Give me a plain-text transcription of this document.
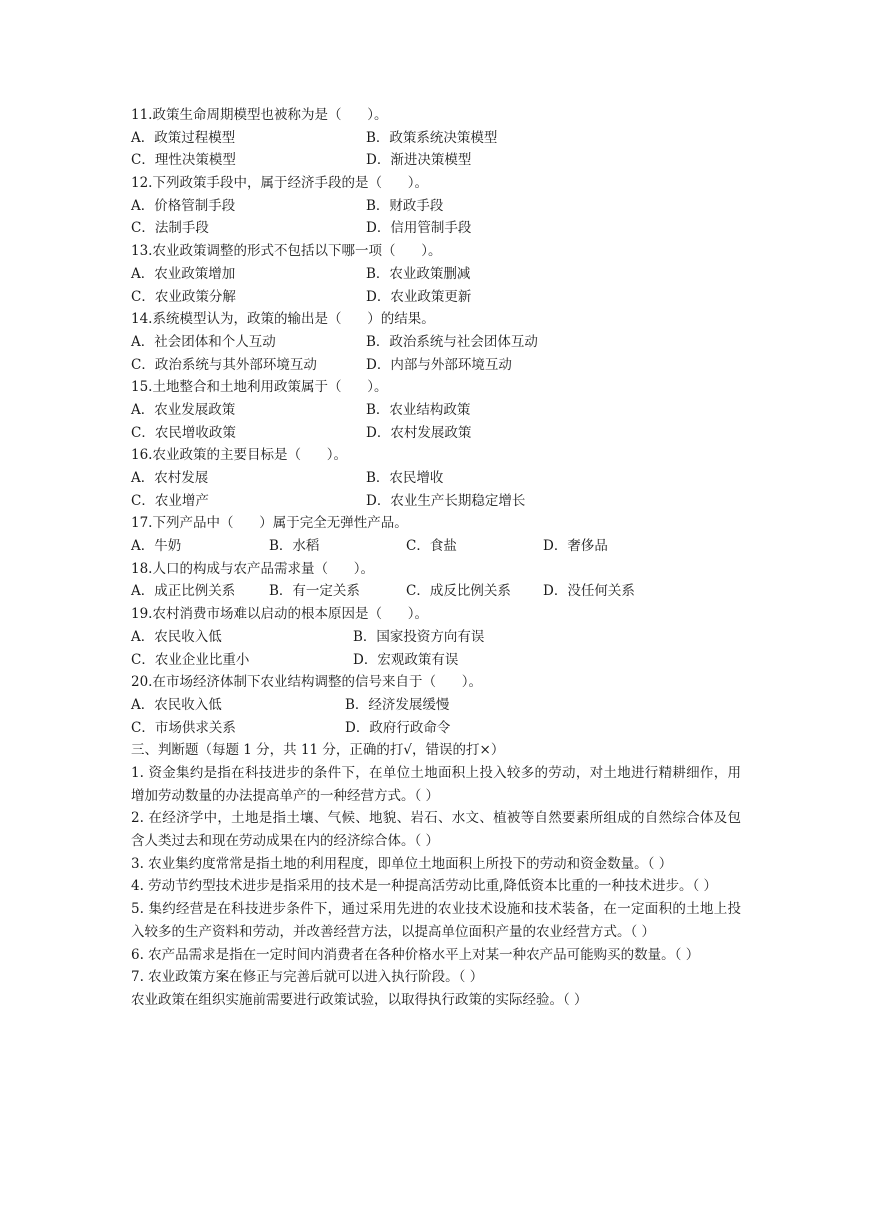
11.政策生命周期模型也被称为是（      ）。

A．政策过程模型

	B．政策系统决策模型

C．理性决策模型

	D．渐进决策模型

12.下列政策手段中，属于经济手段的是（      ）。

A．价格管制手段

	B．财政手段

C．法制手段

	D．信用管制手段

13.农业政策调整的形式不包括以下哪一项（      ）。

A．农业政策增加

	B．农业政策删减

C．农业政策分解

	D．农业政策更新

14.系统模型认为，政策的输出是（      ）的结果。

A．社会团体和个人互动

	B．政治系统与社会团体互动

C．政治系统与其外部环境互动

	D．内部与外部环境互动

15.土地整合和土地利用政策属于（      ）。

A．农业发展政策

	B．农业结构政策

C．农民增收政策

	D．农村发展政策

16.农业政策的主要目标是（      ）。

A．农村发展

	B．农民增收

C．农业增产

	D．农业生产长期稳定增长

17.下列产品中（      ）属于完全无弹性产品。

A．牛奶

	B．水稻

	C．食盐

	D．奢侈品

18.人口的构成与农产品需求量（      ）。

A．成正比例关系

	B．有一定关系

	C．成反比例关系

D．没任何关系

19.农村消费市场难以启动的根本原因是（      ）。

A．农民收入低

	B．国家投资方向有误

C．农业企业比重小

	D．宏观政策有误

20.在市场经济体制下农业结构调整的信号来自于（      ）。

A．农民收入低

	B．经济发展缓慢

C．市场供求关系

	D．政府行政命令

三、判断题（每题 1 分，共 11 分，正确的打√，错误的打×）
1. 资金集约是指在科技进步的条件下，在单位土地面积上投入较多的劳动，对土地进行精耕细作，用增加劳动数量的办法提高单产的一种经营方式。（ ）
2. 在经济学中，土地是指土壤、气候、地貌、岩石、水文、植被等自然要素所组成的自然综合体及包含人类过去和现在劳动成果在内的经济综合体。（ ）
3. 农业集约度常常是指土地的利用程度，即单位土地面积上所投下的劳动和资金数量。（ ）
4. 劳动节约型技术进步是指采用的技术是一种提高活劳动比重,降低资本比重的一种技术进步。（ ）
5. 集约经营是在科技进步条件下，通过采用先进的农业技术设施和技术装备，在一定面积的土地上投入较多的生产资料和劳动，并改善经营方法，以提高单位面积产量的农业经营方式。（ ）
6. 农产品需求是指在一定时间内消费者在各种价格水平上对某一种农产品可能购买的数量。（ ）
7. 农业政策方案在修正与完善后就可以进入执行阶段。（ ）
农业政策在组织实施前需要进行政策试验，以取得执行政策的实际经验。（ ）
